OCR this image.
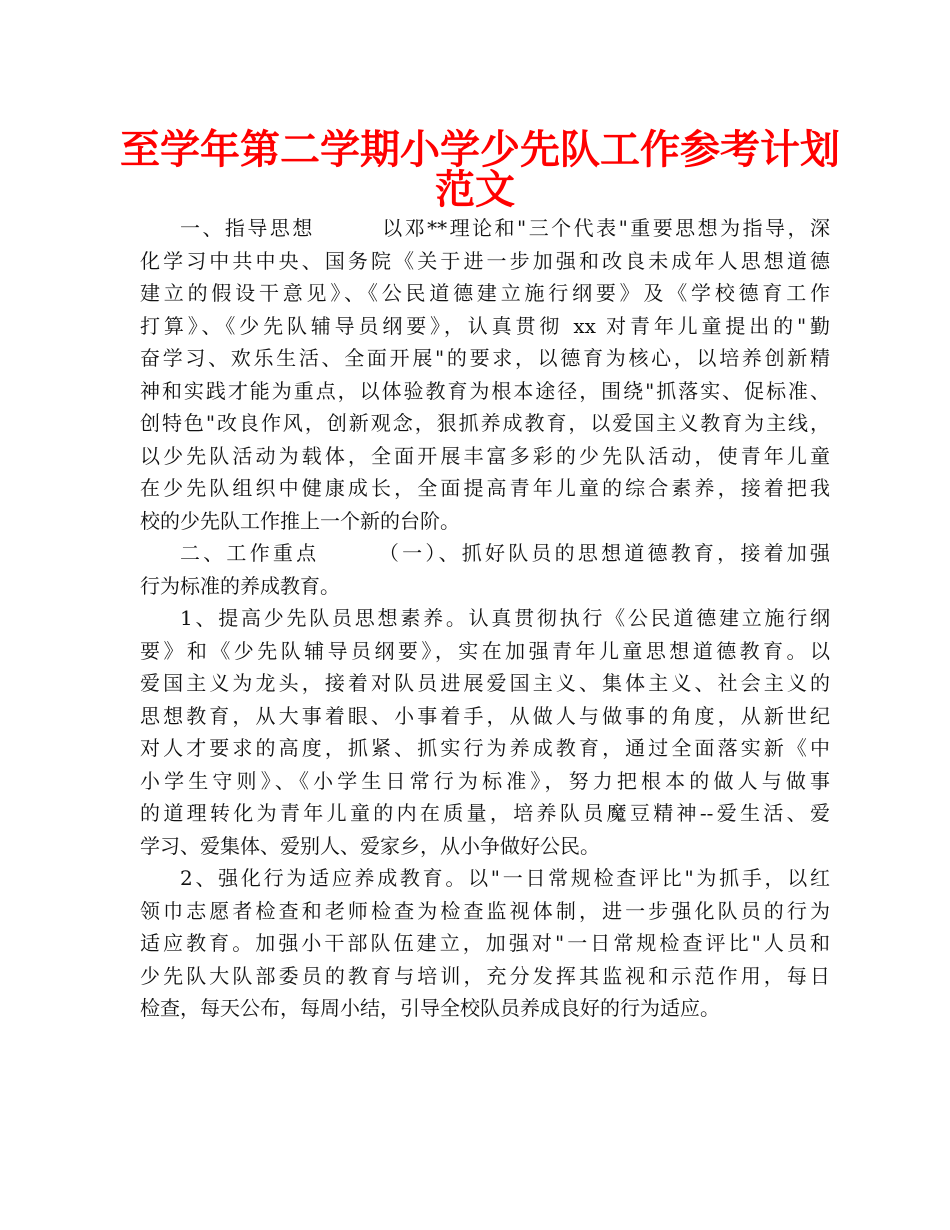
至学年第二学期小学少先队工作参考计划
范文

一、指导思想　　　以邓**理论和"三个代表"重要思想为指导，深
化学习中共中央、国务院《关于进一步加强和改良未成年人思想道德
建立的假设干意见》、《公民道德建立施行纲要》及《学校德育工作
打算》、《少先队辅导员纲要》，认真贯彻 xx 对青年儿童提出的"勤
奋学习、欢乐生活、全面开展"的要求，以德育为核心，以培养创新精
神和实践才能为重点，以体验教育为根本途径，围绕"抓落实、促标准、
创特色"改良作风，创新观念，狠抓养成教育，以爱国主义教育为主线，
以少先队活动为载体，全面开展丰富多彩的少先队活动，使青年儿童
在少先队组织中健康成长，全面提高青年儿童的综合素养，接着把我
校的少先队工作推上一个新的台阶。

二、工作重点　　　（一）、抓好队员的思想道德教育，接着加强
行为标准的养成教育。

1、提高少先队员思想素养。认真贯彻执行《公民道德建立施行纲
要》和《少先队辅导员纲要》，实在加强青年儿童思想道德教育。以
爱国主义为龙头，接着对队员进展爱国主义、集体主义、社会主义的
思想教育，从大事着眼、小事着手，从做人与做事的角度，从新世纪
对人才要求的高度，抓紧、抓实行为养成教育，通过全面落实新《中
小学生守则》、《小学生日常行为标准》，努力把根本的做人与做事
的道理转化为青年儿童的内在质量，培养队员魔豆精神--爱生活、爱
学习、爱集体、爱别人、爱家乡，从小争做好公民。

2、强化行为适应养成教育。以"一日常规检查评比"为抓手，以红
领巾志愿者检查和老师检查为检查监视体制，进一步强化队员的行为
适应教育。加强小干部队伍建立，加强对"一日常规检查评比"人员和
少先队大队部委员的教育与培训，充分发挥其监视和示范作用，每日
检查，每天公布，每周小结，引导全校队员养成良好的行为适应。
